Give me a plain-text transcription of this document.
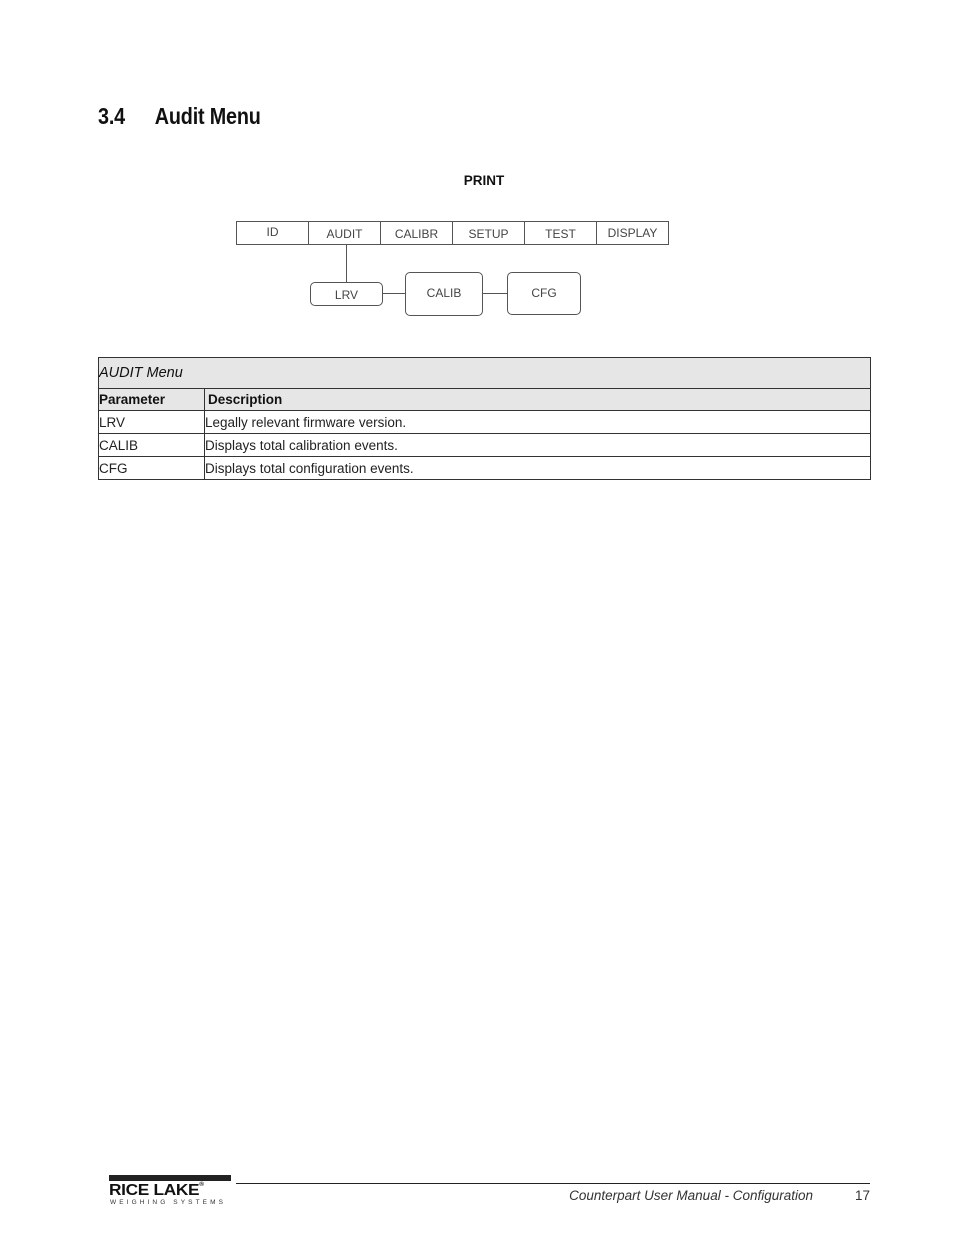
3.4 Audit Menu
PRINT
ID	AUDIT	CALIBR	SETUP	TEST	DISPLAY
LRV	CALIB	CFG
AUDIT Menu	
Parameter	Description
LRV	Legally relevant firmware version.
CALIB	Displays total calibration events.
CFG	Displays total configuration events.
RICE LAKE®
WEIGHING SYSTEMS	Counterpart User Manual - Configuration	17
